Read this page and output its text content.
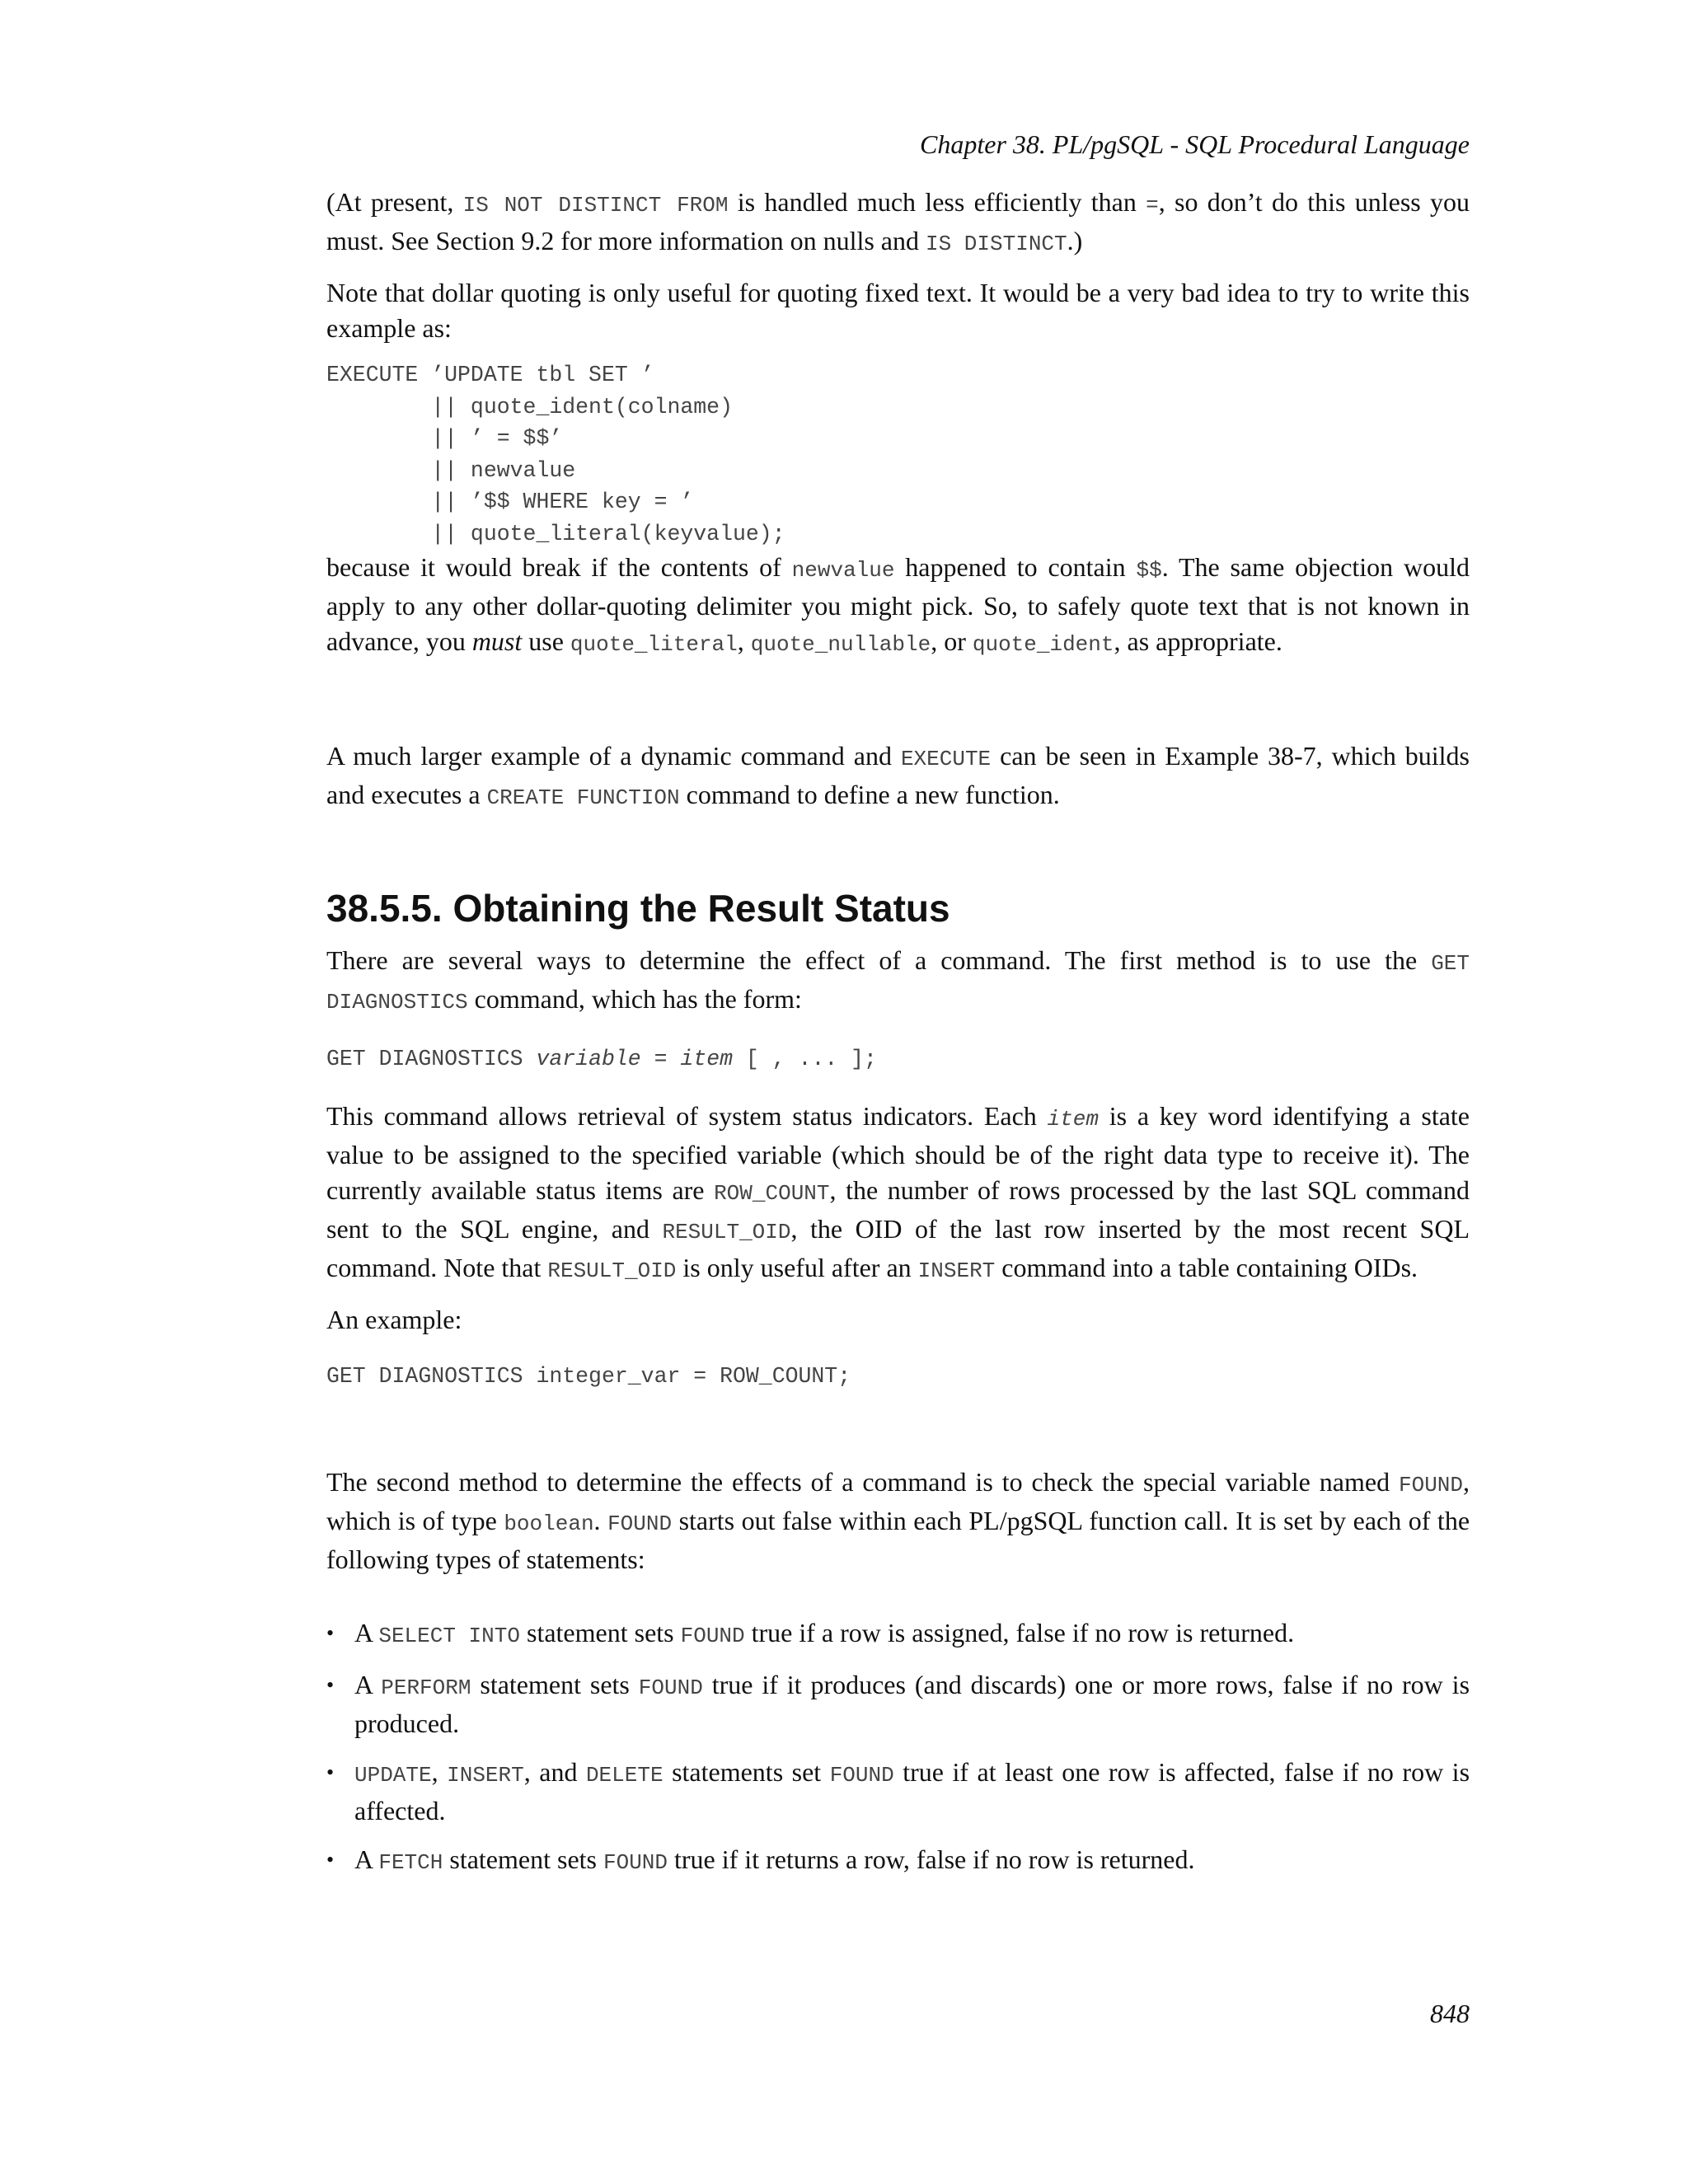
Chapter 38. PL/pgSQL - SQL Procedural Language

(At present, IS NOT DISTINCT FROM is handled much less efficiently than =, so don’t do this unless you must. See Section 9.2 for more information on nulls and IS DISTINCT.)

Note that dollar quoting is only useful for quoting fixed text. It would be a very bad idea to try to write this example as:

EXECUTE ’UPDATE tbl SET ’
|| quote_ident(colname)
|| ’ = $$’
|| newvalue
|| ’$$ WHERE key = ’
|| quote_literal(keyvalue);

because it would break if the contents of newvalue happened to contain $$. The same objection would apply to any other dollar-quoting delimiter you might pick. So, to safely quote text that is not known in advance, you must use quote_literal, quote_nullable, or quote_ident, as appropriate.

A much larger example of a dynamic command and EXECUTE can be seen in Example 38-7, which builds and executes a CREATE FUNCTION command to define a new function.

38.5.5. Obtaining the Result Status

There are several ways to determine the effect of a command. The first method is to use the GET DIAGNOSTICS command, which has the form:

GET DIAGNOSTICS variable = item [ , ... ];

This command allows retrieval of system status indicators. Each item is a key word identifying a state value to be assigned to the specified variable (which should be of the right data type to receive it). The currently available status items are ROW_COUNT, the number of rows processed by the last SQL command sent to the SQL engine, and RESULT_OID, the OID of the last row inserted by the most recent SQL command. Note that RESULT_OID is only useful after an INSERT command into a table containing OIDs.

An example:

GET DIAGNOSTICS integer_var = ROW_COUNT;

The second method to determine the effects of a command is to check the special variable named FOUND, which is of type boolean. FOUND starts out false within each PL/pgSQL function call. It is set by each of the following types of statements:

• A SELECT INTO statement sets FOUND true if a row is assigned, false if no row is returned.
• A PERFORM statement sets FOUND true if it produces (and discards) one or more rows, false if no row is produced.
• UPDATE, INSERT, and DELETE statements set FOUND true if at least one row is affected, false if no row is affected.
• A FETCH statement sets FOUND true if it returns a row, false if no row is returned.
848
